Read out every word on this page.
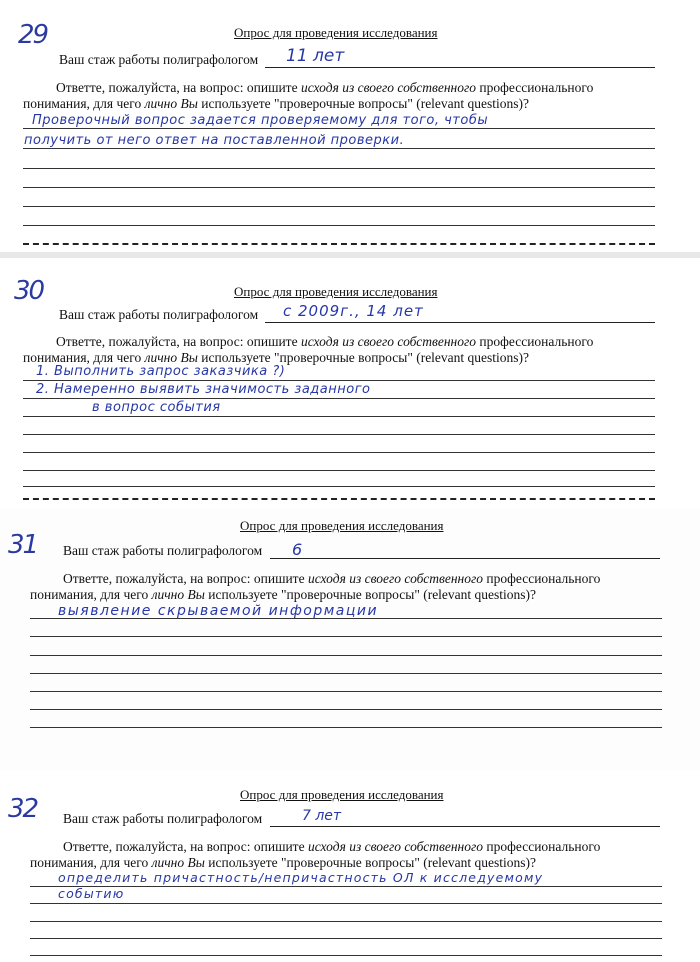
29	Опрос для проведения исследования
Ваш стаж работы полиграфологом 11 лет
Ответте, пожалуйста, на вопрос: опишите исходя из своего собственного профессионального
понимания, для чего лично Вы используете "проверочные вопросы" (relevant questions)?
Проверочный вопрос задается проверяемому для того, чтобы
получить от него ответ на поставленной проверки.
30	Опрос для проведения исследования
Ваш стаж работы полиграфологом с 2009г., 14 лет
Ответте, пожалуйста, на вопрос: опишите исходя из своего собственного профессионального
понимания, для чего лично Вы используете "проверочные вопросы" (relevant questions)?
1. Выполнить запрос заказчика ?)
2. Намеренно выявить значимость заданного
в вопрос события
31
Опрос для проведения исследования
Ваш стаж работы полиграфологом 6
Ответте, пожалуйста, на вопрос: опишите исходя из своего собственного профессионального
понимания, для чего лично Вы используете "проверочные вопросы" (relevant questions)?
выявление скрываемой информации
32	Опрос для проведения исследования
Ваш стаж работы полиграфологом	7 лет
Ответте, пожалуйста, на вопрос: опишите исходя из своего собственного профессионального
понимания, для чего лично Вы используете "проверочные вопросы" (relevant questions)?
определить причастность/непричастность ОЛ к исследуемому
событию
